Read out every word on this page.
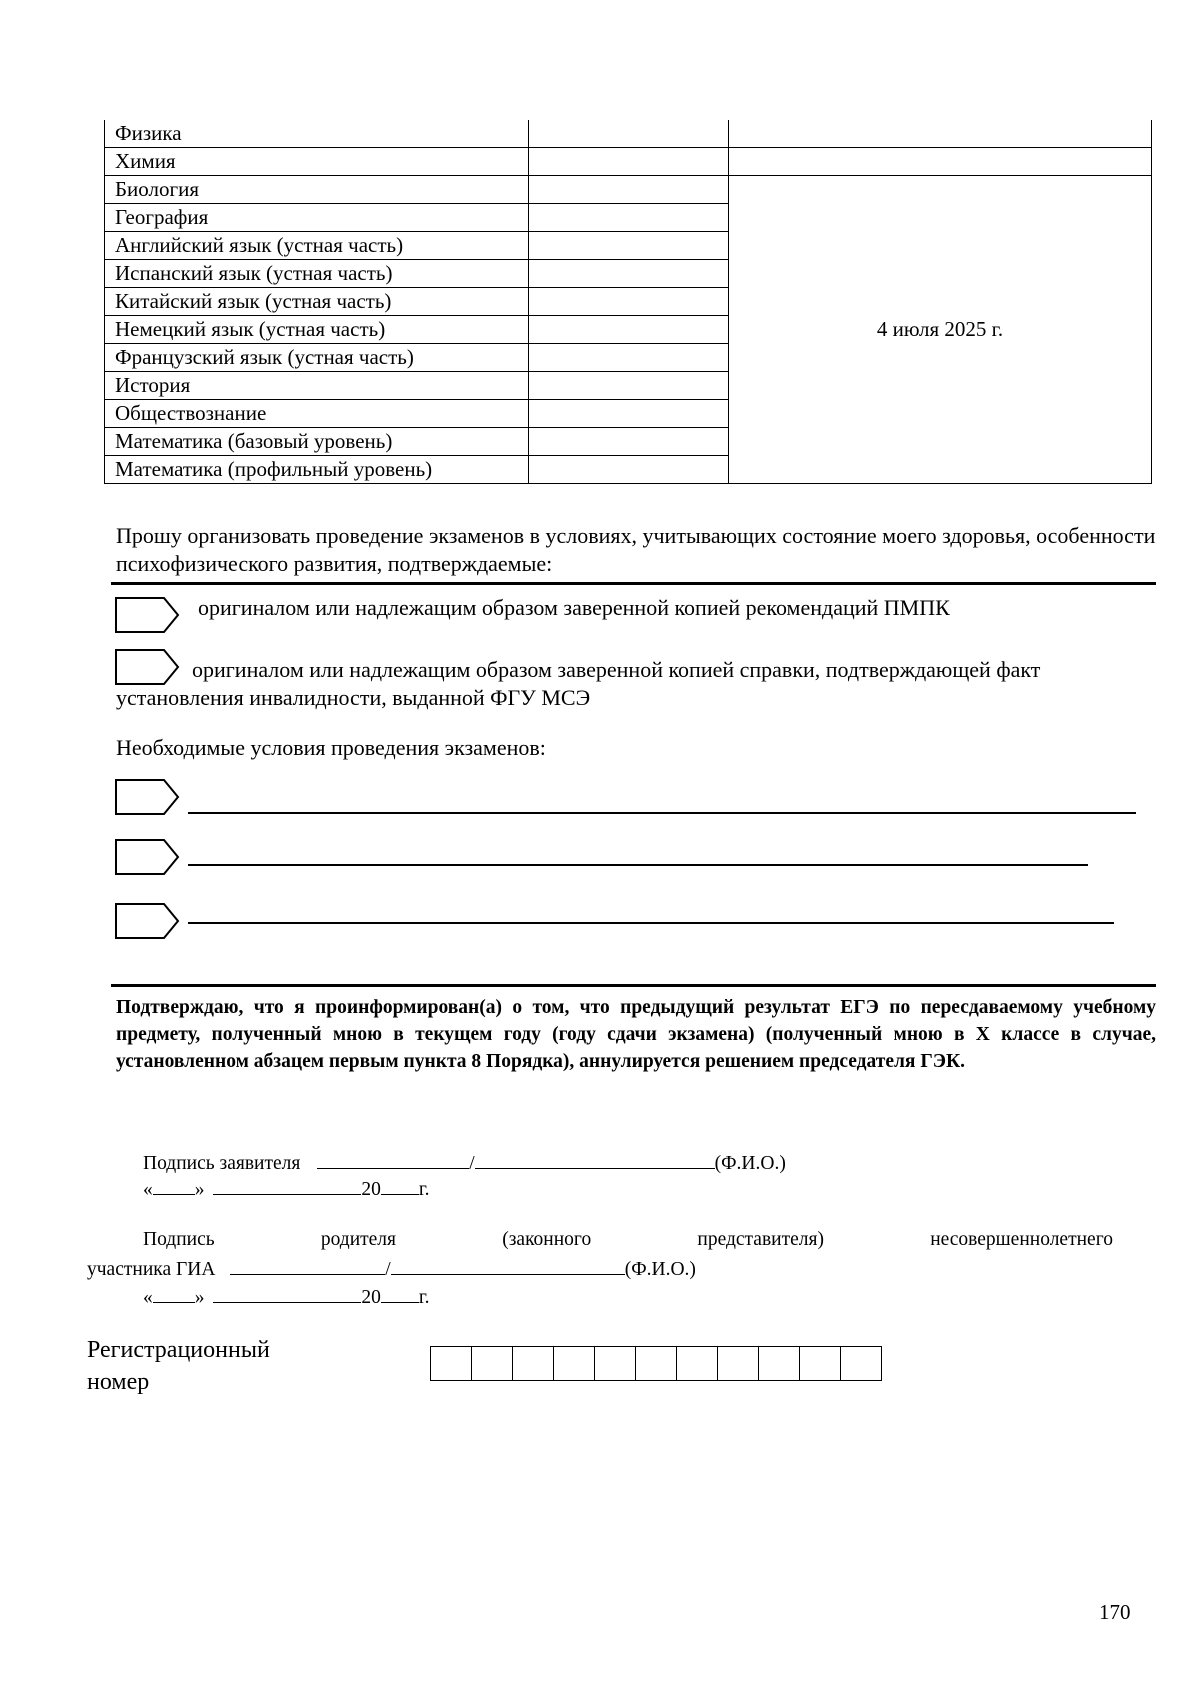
Физика		
Химия		
Биология		4 июля 2025 г.
География		
Английский язык (устная часть)		
Испанский язык (устная часть)		
Китайский язык (устная часть)		
Немецкий язык (устная часть)		
Французский язык (устная часть)		
История		
Обществознание		
Математика (базовый уровень)		
Математика (профильный уровень)		
Прошу организовать проведение экзаменов в условиях, учитывающих состояние моего здоровья, особенности психофизического развития, подтверждаемые:
оригиналом или надлежащим образом заверенной копией рекомендаций ПМПК
оригиналом или надлежащим образом заверенной копией справки, подтверждающей факт установления инвалидности, выданной ФГУ МСЭ
Необходимые условия проведения экзаменов:
Подтверждаю, что я проинформирован(а) о том, что предыдущий результат ЕГЭ по пересдаваемому учебному предмету, полученный мною в текущем году (году сдачи экзамена) (полученный мною в X классе в случае, установленном абзацем первым пункта 8 Порядка), аннулируется решением председателя ГЭК.
Подпись заявителя	/	(Ф.И.О.)
« »	20 г.
Подпись	родителя	(законного	представителя)	несовершеннолетнего
участника ГИА	/	(Ф.И.О.)
« »	20 г.
Регистрационный
номер
170
